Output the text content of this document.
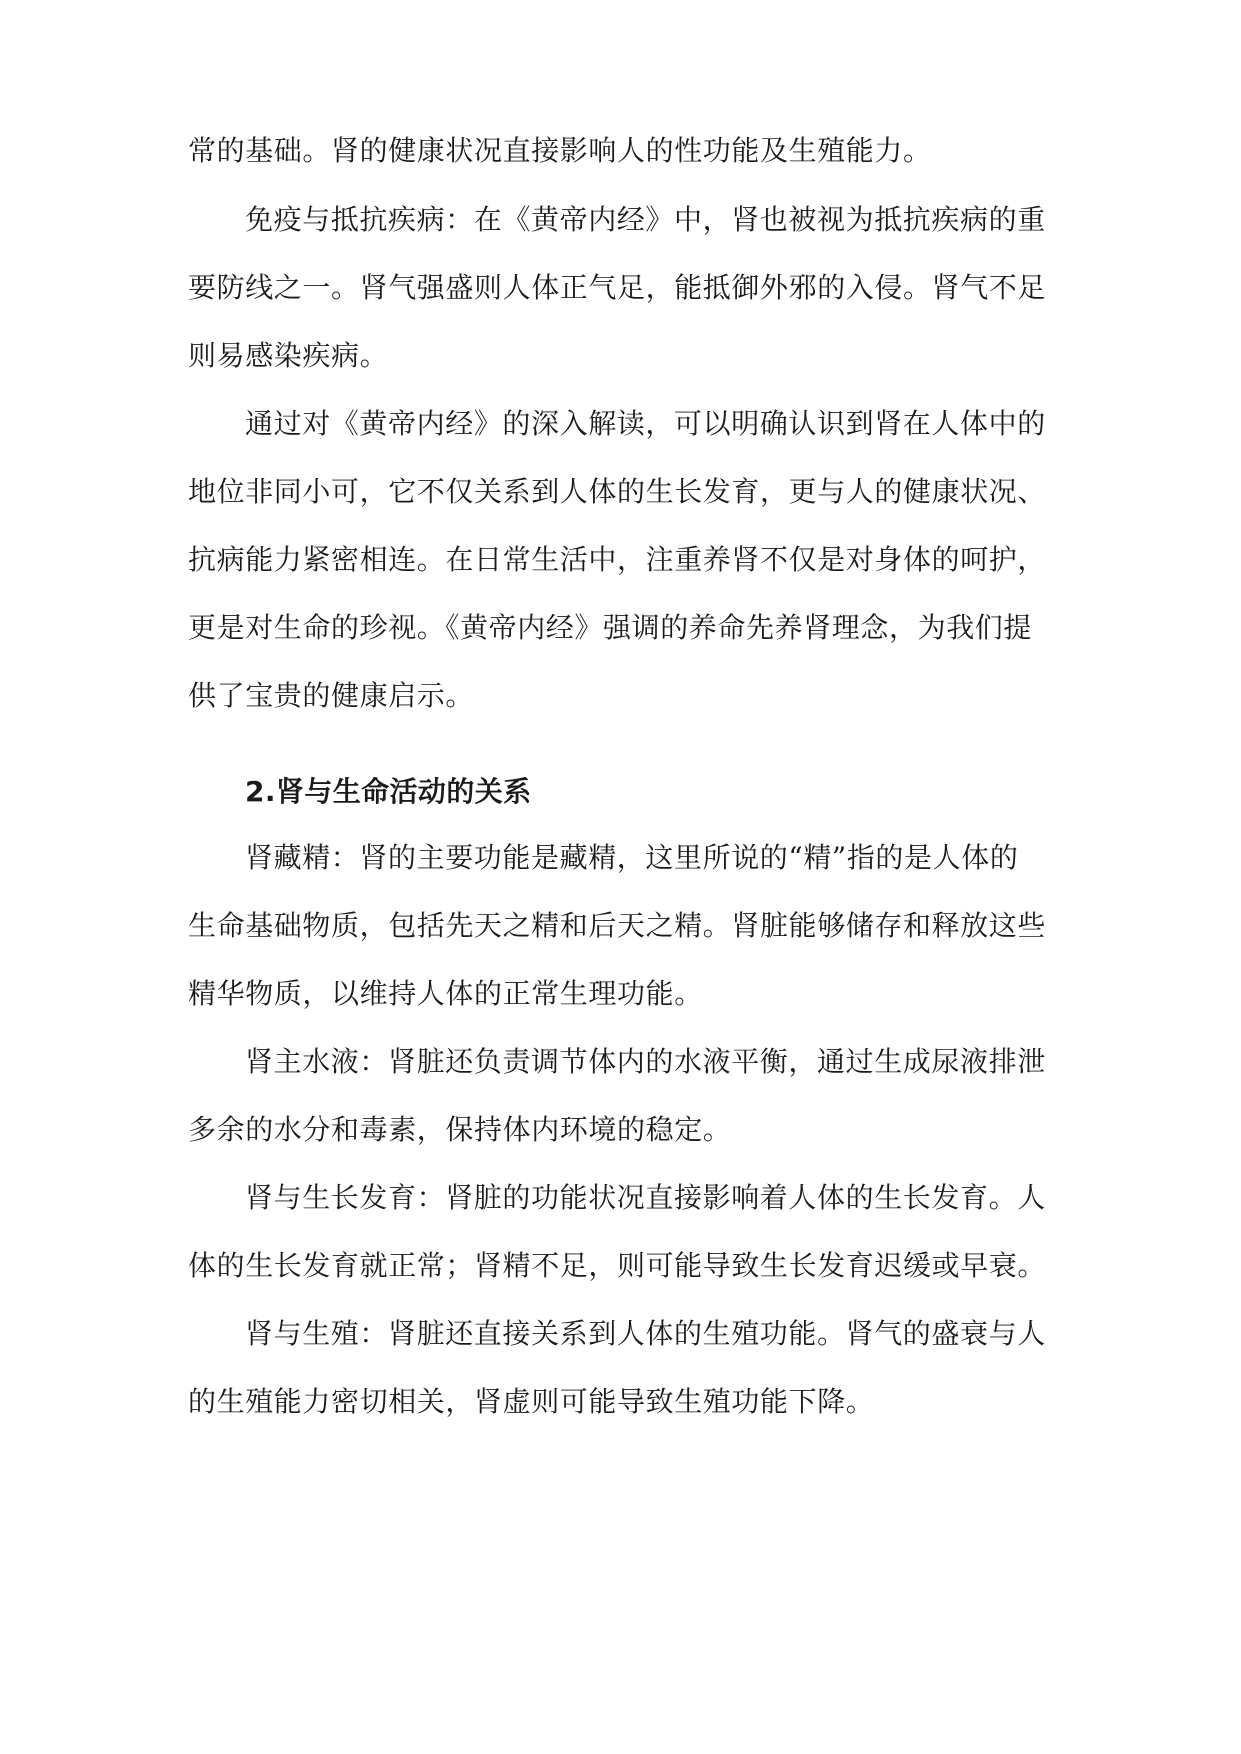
常的基础。肾的健康状况直接影响人的性功能及生殖能力。
免疫与抵抗疾病：在《黄帝内经》中，肾也被视为抵抗疾病的重
要防线之一。肾气强盛则人体正气足，能抵御外邪的入侵。肾气不足
则易感染疾病。
通过对《黄帝内经》的深入解读，可以明确认识到肾在人体中的
地位非同小可，它不仅关系到人体的生长发育，更与人的健康状况、
抗病能力紧密相连。在日常生活中，注重养肾不仅是对身体的呵护，
更是对生命的珍视。《黄帝内经》强调的养命先养肾理念，为我们提
供了宝贵的健康启示。
2.肾与生命活动的关系
肾藏精：肾的主要功能是藏精，这里所说的“精”指的是人体的
生命基础物质，包括先天之精和后天之精。肾脏能够储存和释放这些
精华物质，以维持人体的正常生理功能。
肾主水液：肾脏还负责调节体内的水液平衡，通过生成尿液排泄
多余的水分和毒素，保持体内环境的稳定。
肾与生长发育：肾脏的功能状况直接影响着人体的生长发育。人
体的生长发育就正常；肾精不足，则可能导致生长发育迟缓或早衰。
肾与生殖：肾脏还直接关系到人体的生殖功能。肾气的盛衰与人
的生殖能力密切相关，肾虚则可能导致生殖功能下降。
